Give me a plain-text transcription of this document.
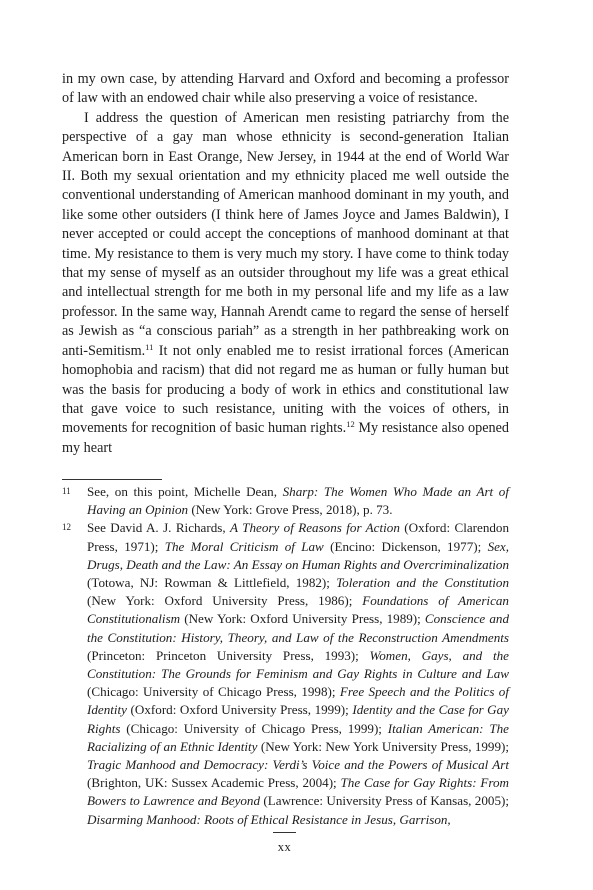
in my own case, by attending Harvard and Oxford and becoming a professor of law with an endowed chair while also preserving a voice of resistance.

I address the question of American men resisting patriarchy from the perspective of a gay man whose ethnicity is second-generation Italian American born in East Orange, New Jersey, in 1944 at the end of World War II. Both my sexual orientation and my ethnicity placed me well outside the conventional understanding of American manhood dominant in my youth, and like some other outsiders (I think here of James Joyce and James Baldwin), I never accepted or could accept the conceptions of manhood dominant at that time. My resistance to them is very much my story. I have come to think today that my sense of myself as an outsider throughout my life was a great ethical and intellectual strength for me both in my personal life and my life as a law professor. In the same way, Hannah Arendt came to regard the sense of herself as Jewish as “a conscious pariah” as a strength in her pathbreaking work on anti-Semitism.$^{11}$ It not only enabled me to resist irrational forces (American homophobia and racism) that did not regard me as human or fully human but was the basis for producing a body of work in ethics and constitutional law that gave voice to such resistance, uniting with the voices of others, in movements for recognition of basic human rights.$^{12}$ My resistance also opened my heart

11	See, on this point, Michelle Dean, Sharp: The Women Who Made an Art of Having an Opinion (New York: Grove Press, 2018), p. 73.
12	See David A. J. Richards, A Theory of Reasons for Action (Oxford: Clarendon Press, 1971); The Moral Criticism of Law (Encino: Dickenson, 1977); Sex, Drugs, Death and the Law: An Essay on Human Rights and Overcriminalization (Totowa, NJ: Rowman & Littlefield, 1982); Toleration and the Constitution (New York: Oxford University Press, 1986); Foundations of American Constitutionalism (New York: Oxford University Press, 1989); Conscience and the Constitution: History, Theory, and Law of the Reconstruction Amendments (Princeton: Princeton University Press, 1993); Women, Gays, and the Constitution: The Grounds for Feminism and Gay Rights in Culture and Law (Chicago: University of Chicago Press, 1998); Free Speech and the Politics of Identity (Oxford: Oxford University Press, 1999); Identity and the Case for Gay Rights (Chicago: University of Chicago Press, 1999); Italian American: The Racializing of an Ethnic Identity (New York: New York University Press, 1999); Tragic Manhood and Democracy: Verdi’s Voice and the Powers of Musical Art (Brighton, UK: Sussex Academic Press, 2004); The Case for Gay Rights: From Bowers to Lawrence and Beyond (Lawrence: University Press of Kansas, 2005); Disarming Manhood: Roots of Ethical Resistance in Jesus, Garrison,
xx
